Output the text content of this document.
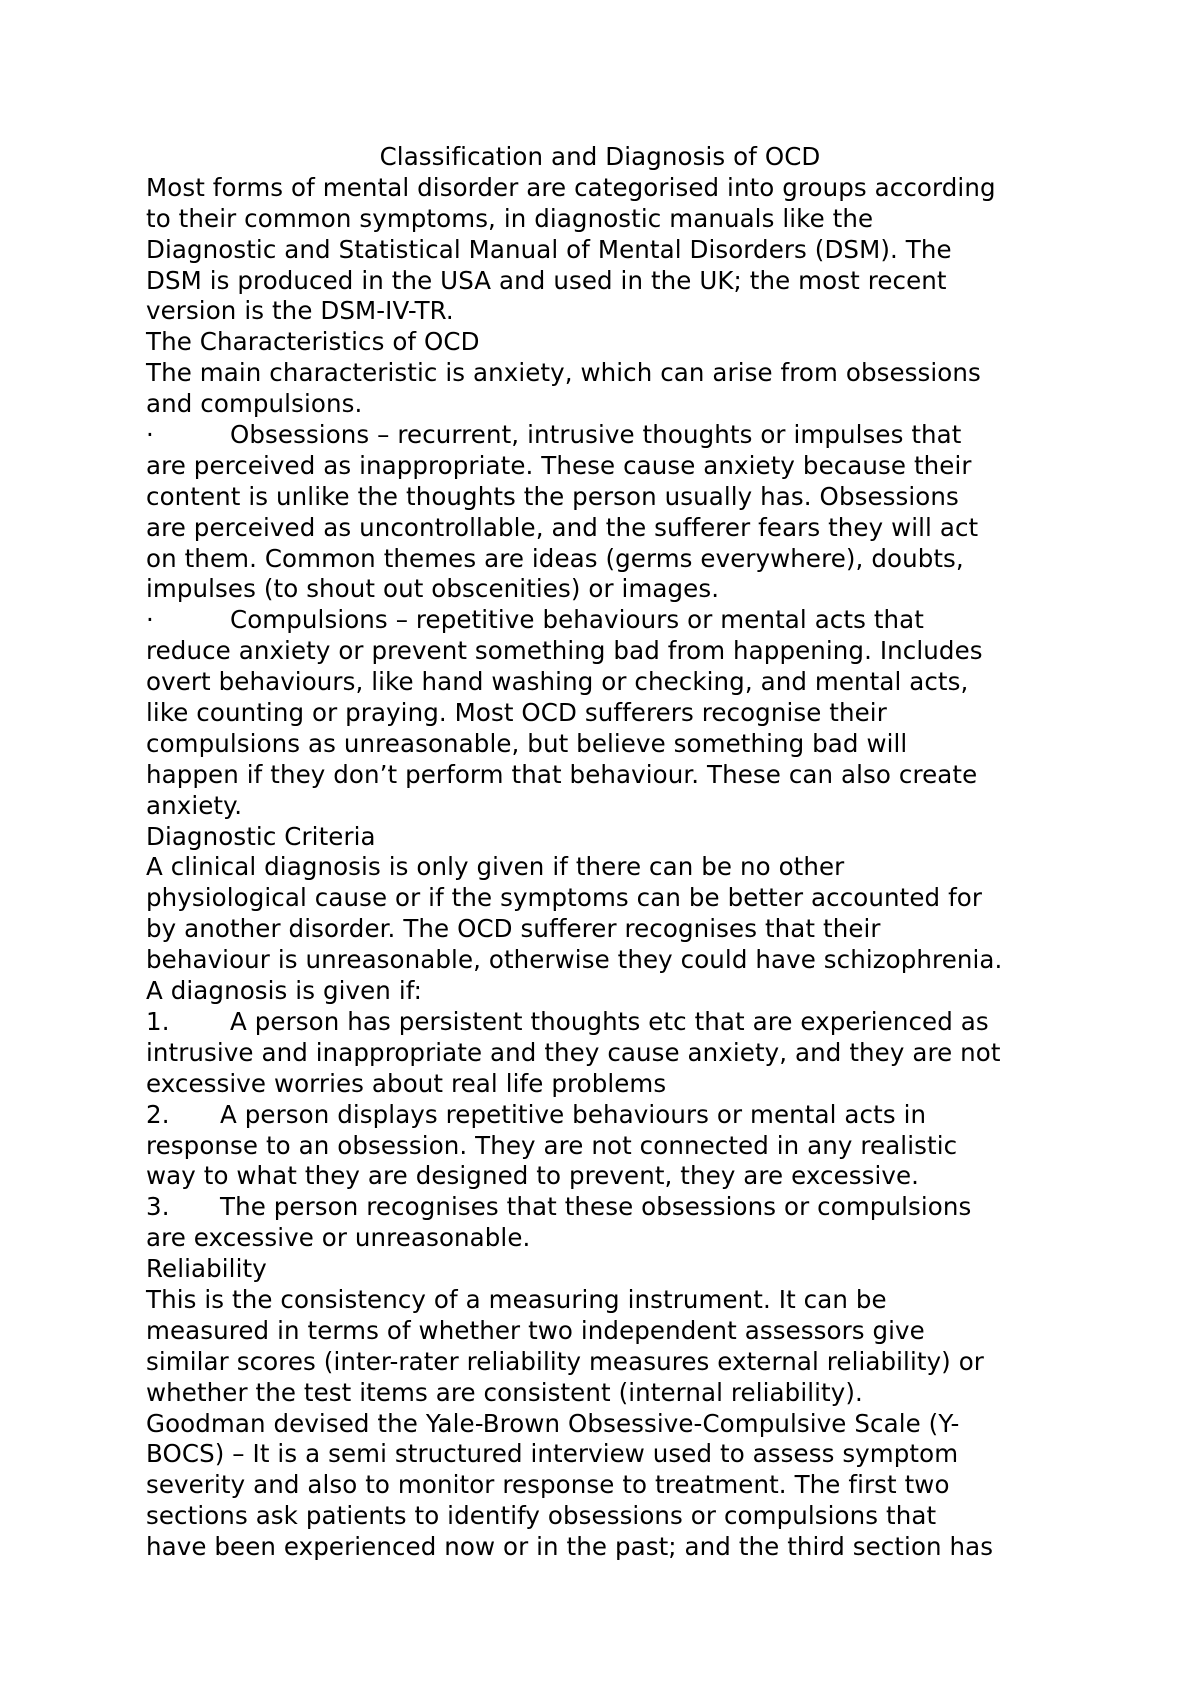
Classification and Diagnosis of OCD
Most forms of mental disorder are categorised into groups according
to their common symptoms, in diagnostic manuals like the
Diagnostic and Statistical Manual of Mental Disorders (DSM). The
DSM is produced in the USA and used in the UK; the most recent
version is the DSM-IV-TR.
The Characteristics of OCD
The main characteristic is anxiety, which can arise from obsessions
and compulsions.
·	Obsessions – recurrent, intrusive thoughts or impulses that
are perceived as inappropriate. These cause anxiety because their
content is unlike the thoughts the person usually has. Obsessions
are perceived as uncontrollable, and the sufferer fears they will act
on them. Common themes are ideas (germs everywhere), doubts,
impulses (to shout out obscenities) or images.
·	Compulsions – repetitive behaviours or mental acts that
reduce anxiety or prevent something bad from happening. Includes
overt behaviours, like hand washing or checking, and mental acts,
like counting or praying. Most OCD sufferers recognise their
compulsions as unreasonable, but believe something bad will
happen if they don’t perform that behaviour. These can also create
anxiety.
Diagnostic Criteria
A clinical diagnosis is only given if there can be no other
physiological cause or if the symptoms can be better accounted for
by another disorder. The OCD sufferer recognises that their
behaviour is unreasonable, otherwise they could have schizophrenia.
A diagnosis is given if:
1. A person has persistent thoughts etc that are experienced as
intrusive and inappropriate and they cause anxiety, and they are not
excessive worries about real life problems
2. A person displays repetitive behaviours or mental acts in
response to an obsession. They are not connected in any realistic
way to what they are designed to prevent, they are excessive.
3. The person recognises that these obsessions or compulsions
are excessive or unreasonable.
Reliability
This is the consistency of a measuring instrument. It can be
measured in terms of whether two independent assessors give
similar scores (inter-rater reliability measures external reliability) or
whether the test items are consistent (internal reliability).
Goodman devised the Yale-Brown Obsessive-Compulsive Scale (Y-
BOCS) – It is a semi structured interview used to assess symptom
severity and also to monitor response to treatment. The first two
sections ask patients to identify obsessions or compulsions that
have been experienced now or in the past; and the third section has
